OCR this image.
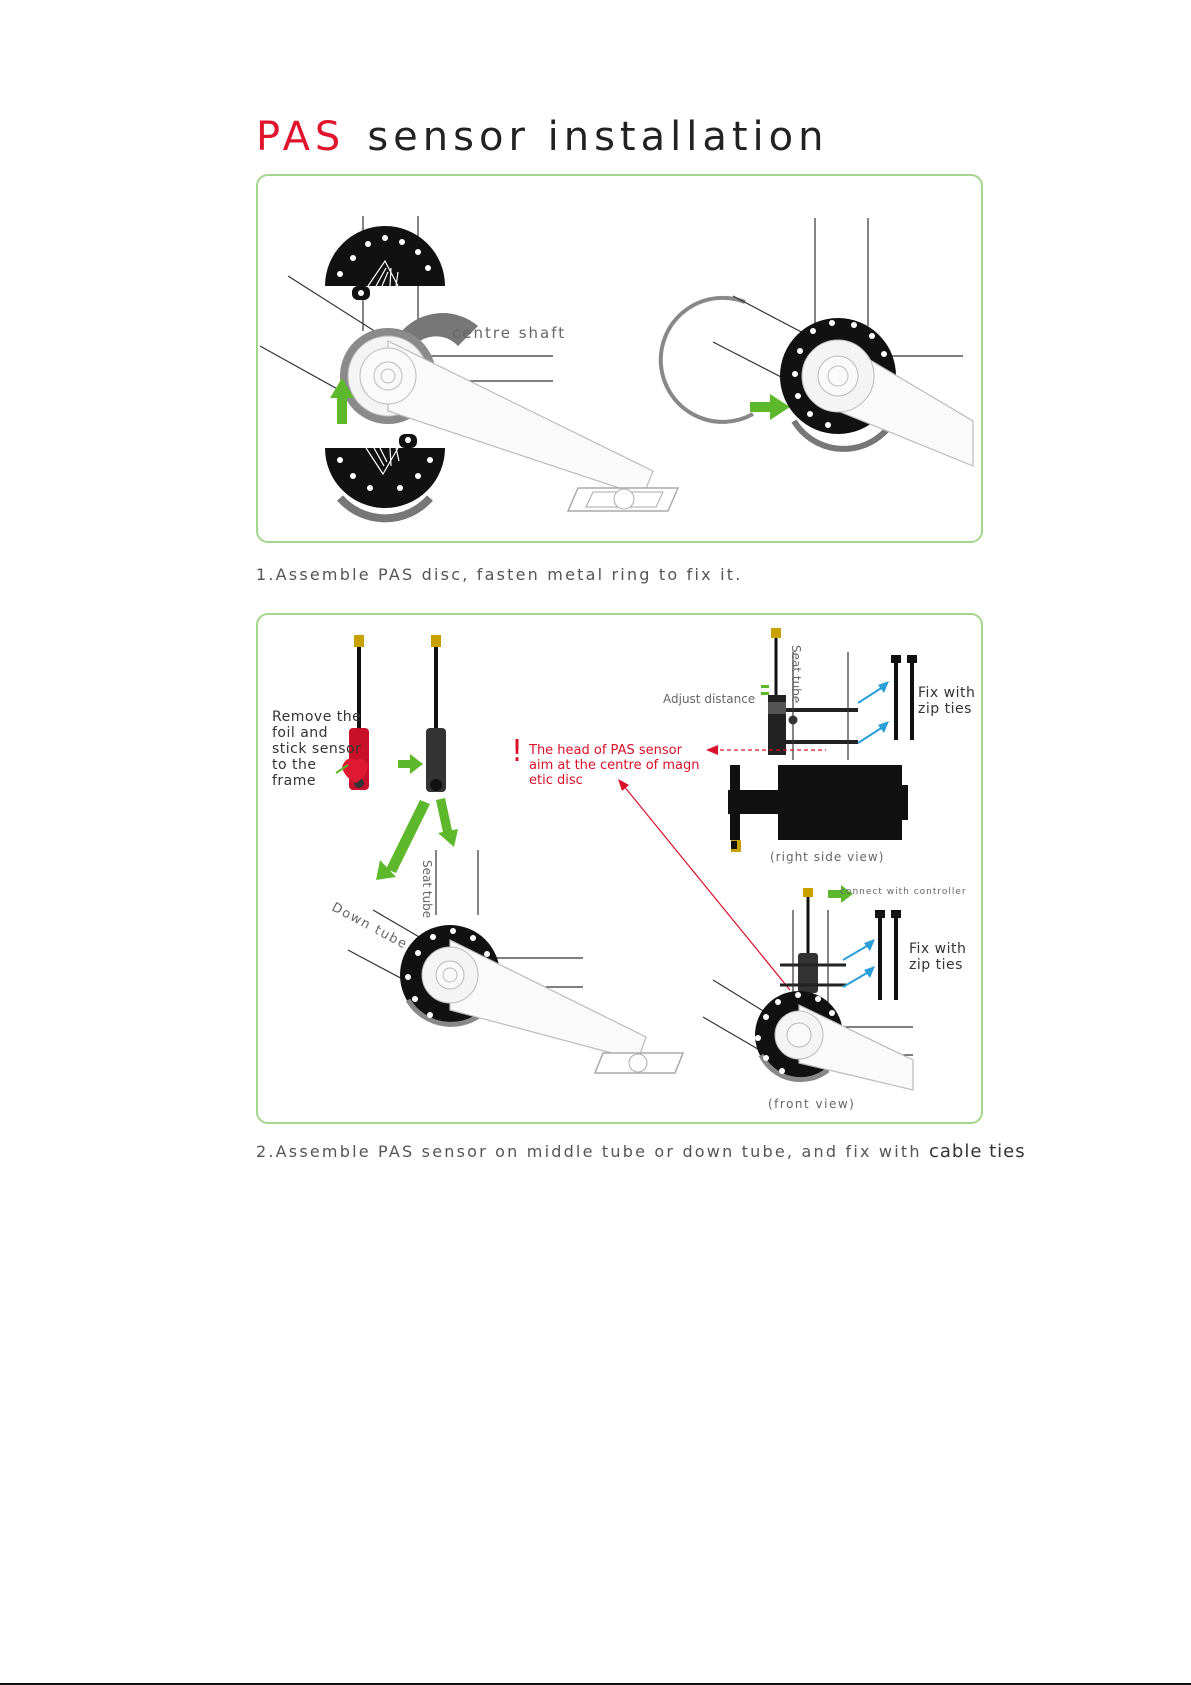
PAS sensor installation
centre shaft
1.Assemble PAS disc, fasten metal ring to fix it.
Remove the
foil and
stick sensor
to the
frame
Seat tube
Down tube
or
Adjust distance	Seat tube	Fix with
zip ties
! The head of PAS sensor
aim at the centre of magn
etic disc
(right side view)
connect with controller
Fix with
zip ties
(front view)
2.Assemble PAS sensor on middle tube or down tube, and fix with cable ties
